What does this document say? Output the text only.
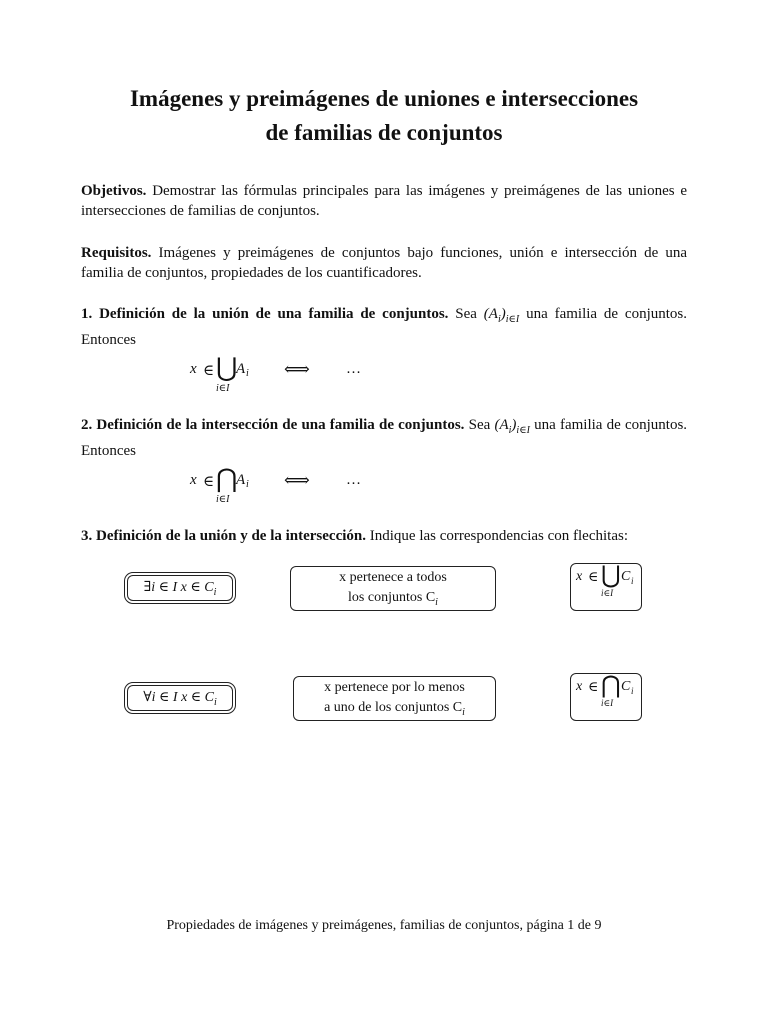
Imágenes y preimágenes de uniones e intersecciones
de familias de conjuntos
Objetivos. Demostrar las fórmulas principales para las imágenes y preimágenes de las uniones e intersecciones de familias de conjuntos.
Requisitos. Imágenes y preimágenes de conjuntos bajo funciones, unión e intersección de una familia de conjuntos, propiedades de los cuantificadores.
1. Definición de la unión de una familia de conjuntos. Sea $(A_i)_{i\in I}$ una familia de conjuntos. Entonces
x ∈ ⋃
i∈I
A i ⟺ …
2. Definición de la intersección de una familia de conjuntos. Sea $(A_i)_{i\in I}$ una familia de conjuntos. Entonces
x ∈ ⋂
i∈I
A i ⟺ …
3. Definición de la unión y de la intersección. Indique las correspondencias con flechitas:
∃i ∈ I x ∈ $C_i$
∀i ∈ I x ∈ $C_i$
x pertenece a todos
los conjuntos $C_i$
x pertenece por lo menos
a uno de los conjuntos $C_i$
x ∈ ⋃
i∈I
C i
x ∈ ⋂
i∈I
C i
Propiedades de imágenes y preimágenes, familias de conjuntos, página 1 de 9
